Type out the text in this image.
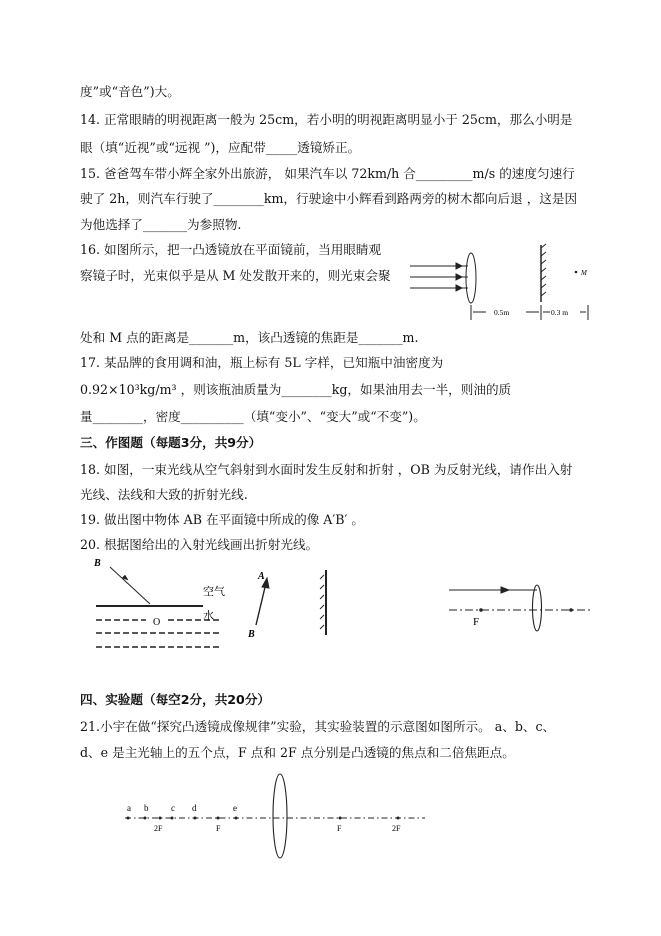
度”或“音色”)大。
14. 正常眼睛的明视距离一般为 25cm，若小明的明视距离明显小于 25cm，那么小明是
眼（填“近视”或“远视 ”)，应配带_____透镜矫正。
15. 爸爸驾车带小辉全家外出旅游， 如果汽车以 72km/h 合_________m/s 的速度匀速行
驶了 2h，则汽车行驶了________km，行驶途中小辉看到路两旁的树木都向后退 ，这是因
为他选择了_______为参照物.
16. 如图所示，把一凸透镜放在平面镜前，当用眼睛观
察镜子时，光束似乎是从 M 处发散开来的，则光束会聚
处和 M 点的距离是_______m，该凸透镜的焦距是_______m.
17. 某品牌的食用调和油，瓶上标有 5L 字样，已知瓶中油密度为
0.92×10³kg/m³ ，则该瓶油质量为________kg，如果油用去一半，则油的质
量________，密度__________（填“变小”、“变大”或“不变”)。
三、作图题（每题3分，共9分）
18. 如图，一束光线从空气斜射到水面时发生反射和折射 ，OB 为反射光线，请作出入射
光线、法线和大致的折射光线.
19. 做出图中物体 AB 在平面镜中所成的像 A′B′ 。
20. 根据图给出的入射光线画出折射光线。
四、实验题（每空2分，共20分）
21.小宇在做“探究凸透镜成像规律”实验，其实验装置的示意图如图所示。 a、b、c、
d、e 是主光轴上的五个点，F 点和 2F 点分别是凸透镜的焦点和二倍焦距点。
M
0.5m	0.3 m
B
O
空气
水
A
B
F
a b	c d	e
2F	F	F	2F
